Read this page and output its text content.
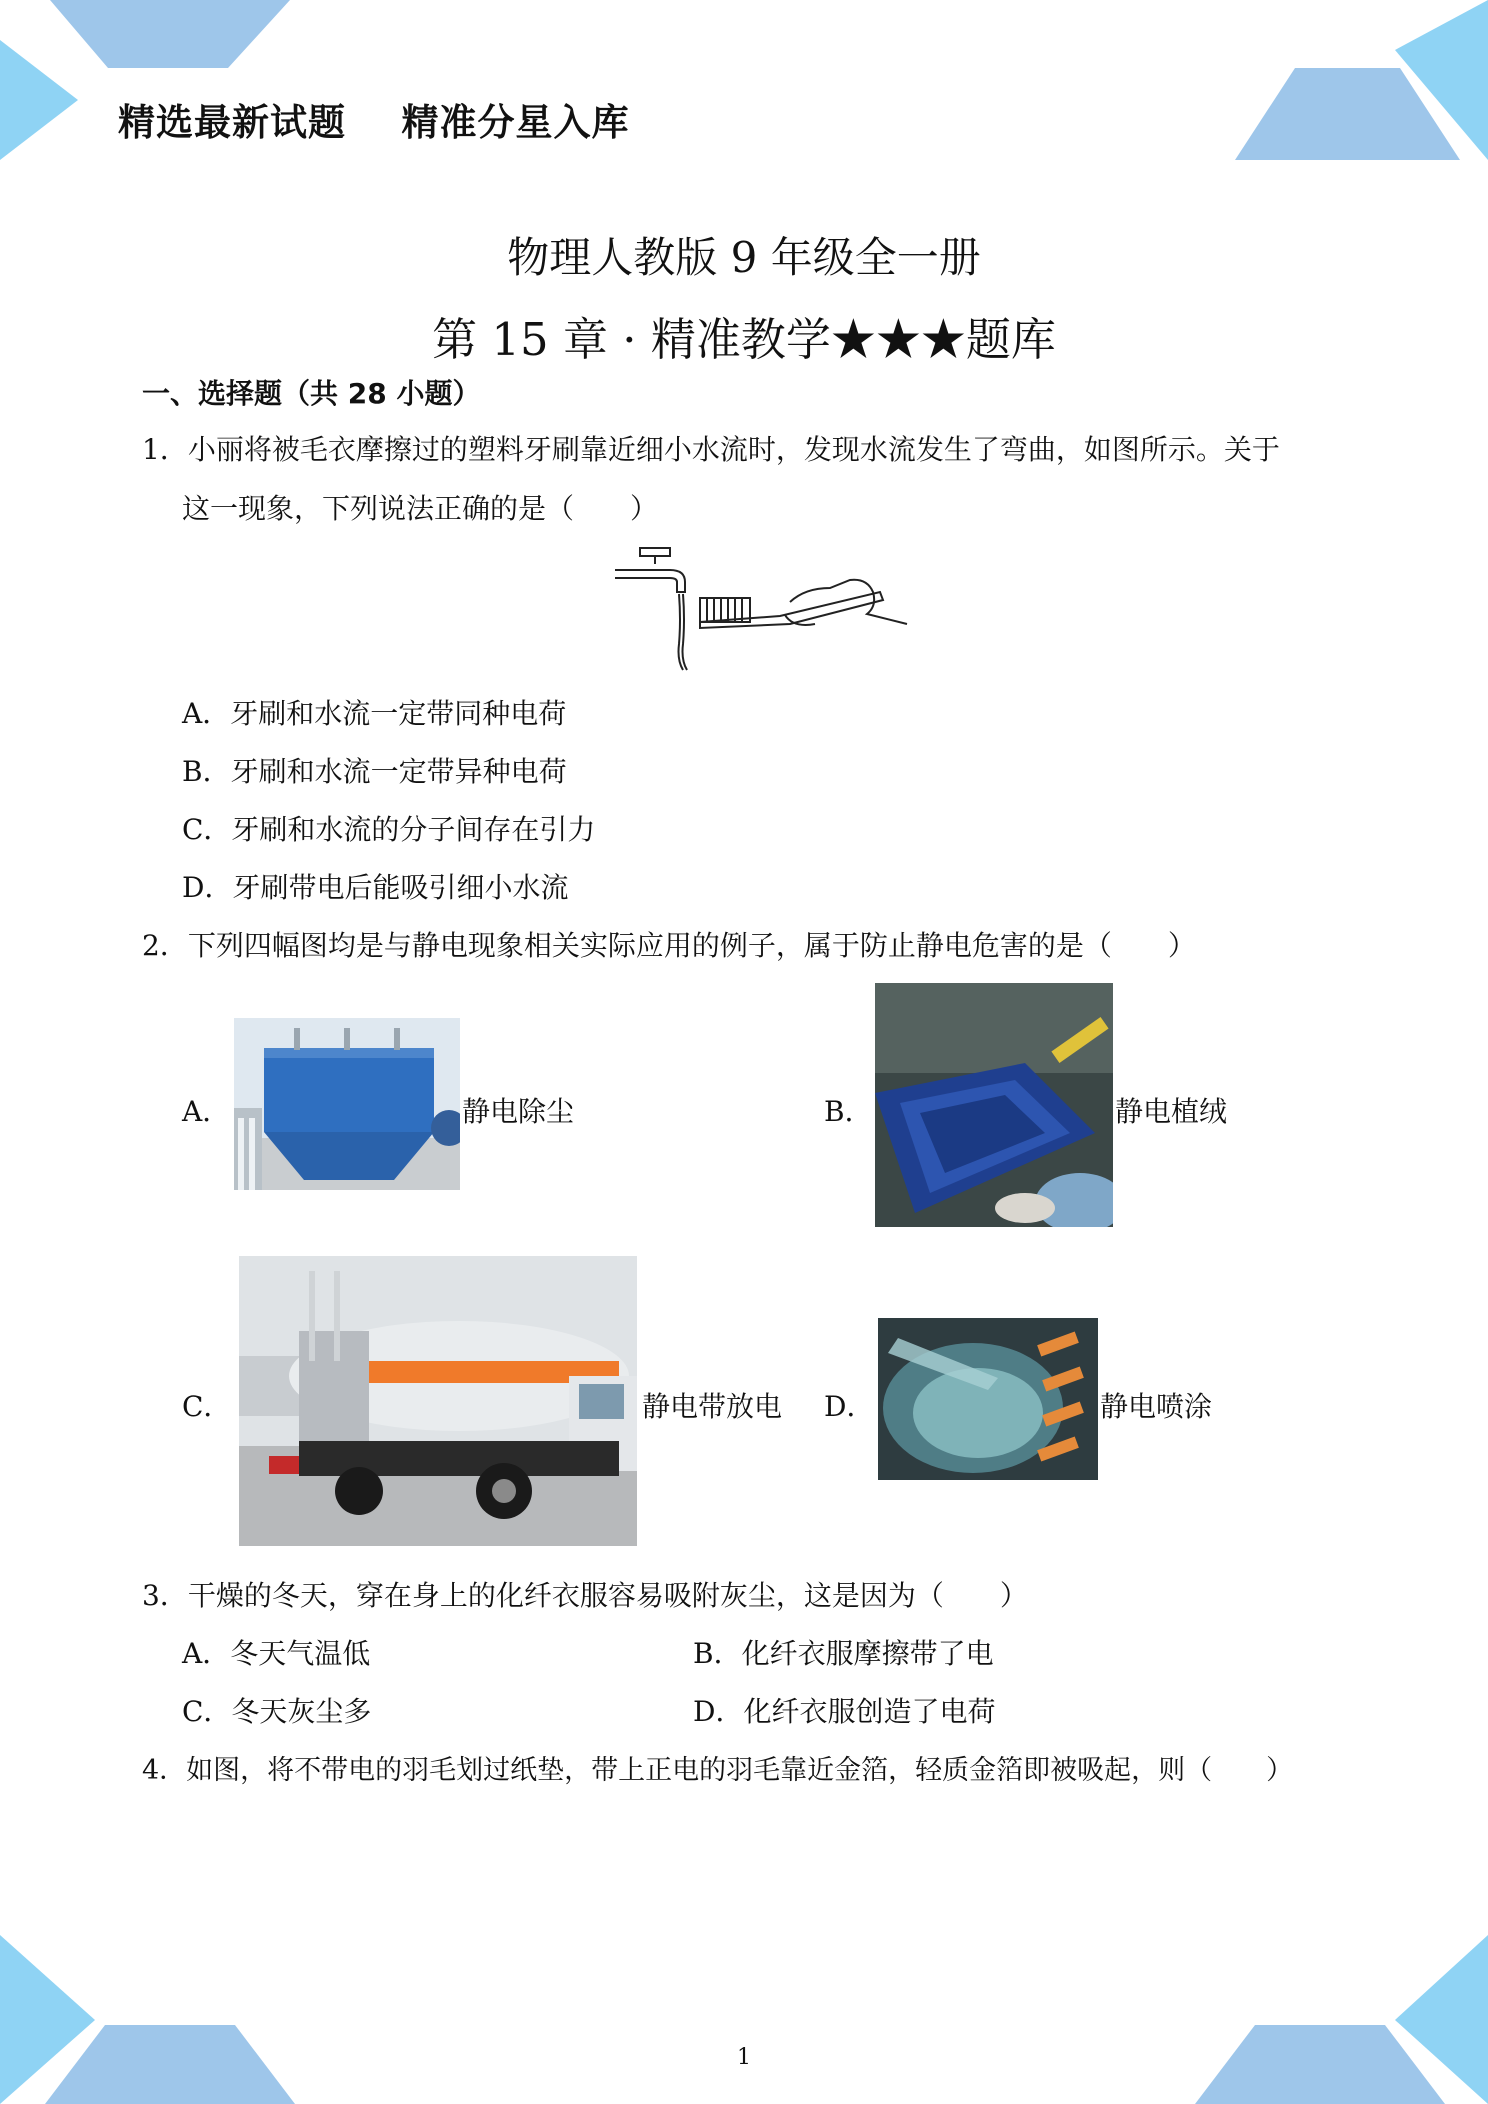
精选最新试题    精准分星入库
物理人教版 9 年级全一册
第 15 章 · 精准教学★★★题库
一、选择题（共 28 小题）
1．小丽将被毛衣摩擦过的塑料牙刷靠近细小水流时，发现水流发生了弯曲，如图所示。关于
这一现象，下列说法正确的是（　　）
A．牙刷和水流一定带同种电荷
B．牙刷和水流一定带异种电荷
C．牙刷和水流的分子间存在引力
D．牙刷带电后能吸引细小水流
2．下列四幅图均是与静电现象相关实际应用的例子，属于防止静电危害的是（　　）
A．	静电除尘	B．	静电植绒
C．	静电带放电 D．	静电喷涂
3．干燥的冬天，穿在身上的化纤衣服容易吸附灰尘，这是因为（　　）
A．冬天气温低	B．化纤衣服摩擦带了电
C．冬天灰尘多	D．化纤衣服创造了电荷
4．如图，将不带电的羽毛划过纸垫，带上正电的羽毛靠近金箔，轻质金箔即被吸起，则（　　）
1
